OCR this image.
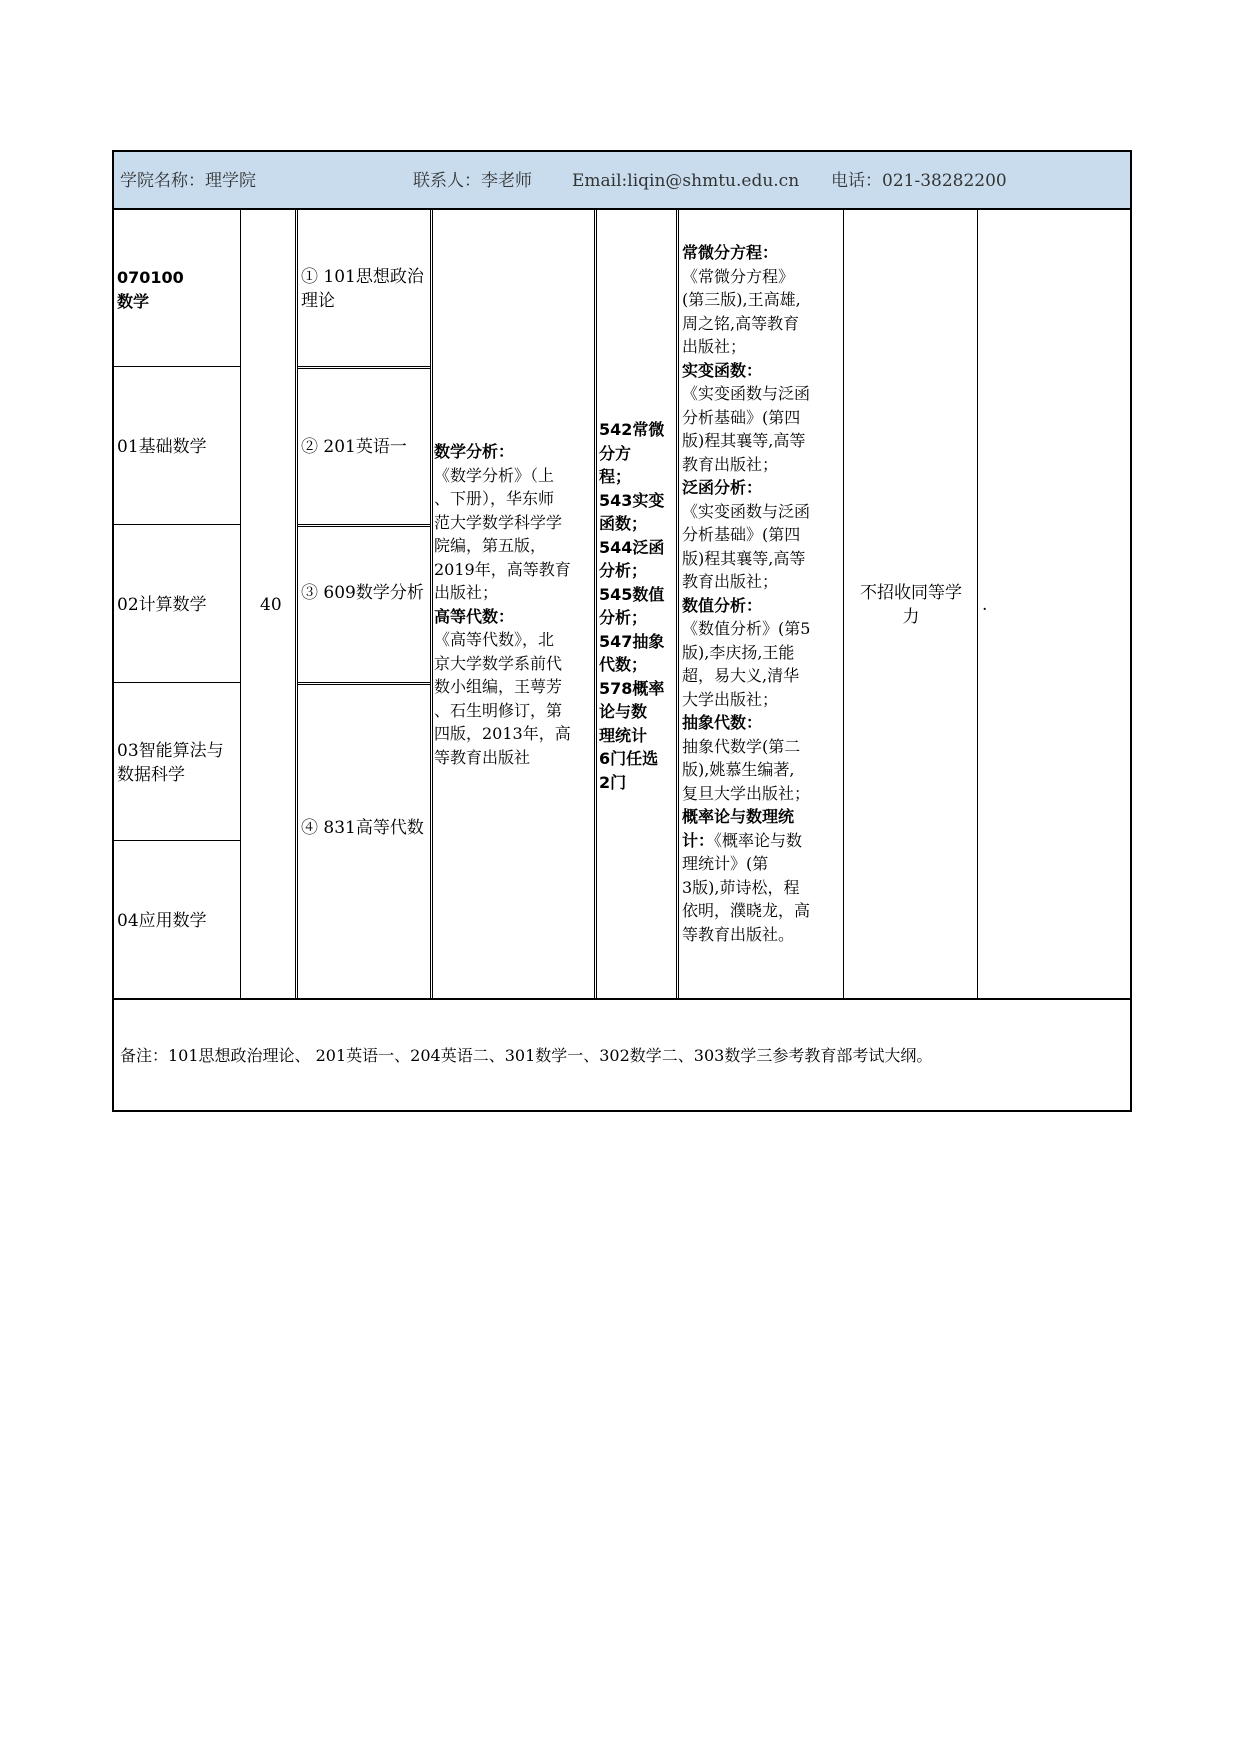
学院名称：理学院	联系人：李老师 Email:liqin@shmtu.edu.cn 电话：021-38282200
070100
数学
01基础数学
02计算数学
03智能算法与数据科学
04应用数学
40
① 101思想政治理论
② 201英语一
③ 609数学分析
④ 831高等代数
数学分析：
《数学分析》（上
、下册），华东师
范大学数学科学学
院编，第五版，
2019年，高等教育
出版社；
高等代数：
《高等代数》，北
京大学数学系前代
数小组编，王萼芳
、石生明修订，第
四版，2013年，高
等教育出版社
542常微
分方
程；
543实变
函数；
544泛函
分析；
545数值
分析；
547抽象
代数；
578概率
论与数
理统计
6门任选
2门
常微分方程：
《常微分方程》
(第三版),王高雄,
周之铭,高等教育
出版社；
实变函数：
《实变函数与泛函
分析基础》(第四
版)程其襄等,高等
教育出版社；
泛函分析：
《实变函数与泛函
分析基础》(第四
版)程其襄等,高等
教育出版社；
数值分析：
《数值分析》(第5
版),李庆扬,王能
超，易大义,清华
大学出版社；
抽象代数：
抽象代数学(第二
版),姚慕生编著,
复旦大学出版社；
概率论与数理统
计：《概率论与数
理统计》(第
3版),茆诗松，程
依明，濮晓龙，高
等教育出版社。
不招收同等学
力
.
备注：101思想政治理论、 201英语一、204英语二、301数学一、302数学二、303数学三参考教育部考试大纲。
